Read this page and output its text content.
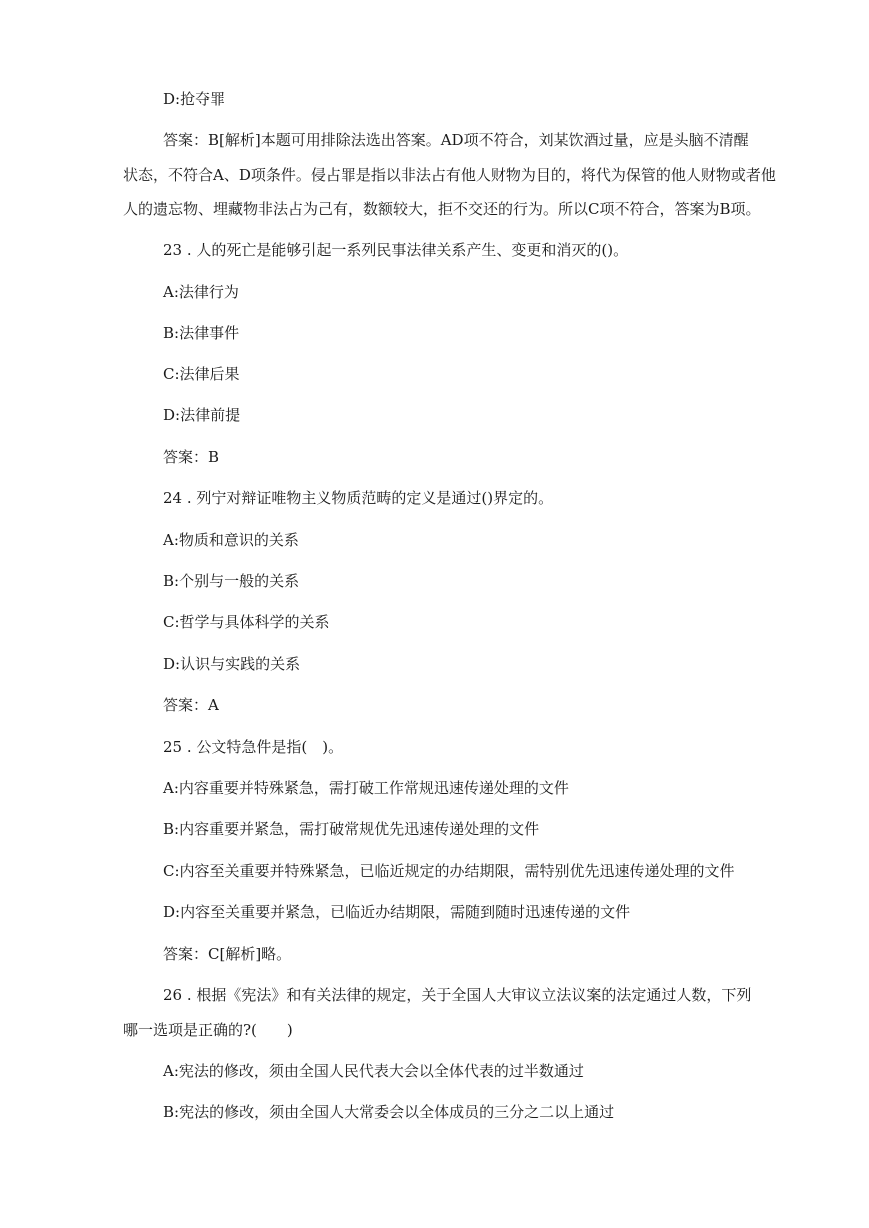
D:抢夺罪
答案：B[解析]本题可用排除法选出答案。AD项不符合，刘某饮酒过量，应是头脑不清醒
状态，不符合A、D项条件。侵占罪是指以非法占有他人财物为目的，将代为保管的他人财物或者他
人的遗忘物、埋藏物非法占为己有，数额较大，拒不交还的行为。所以C项不符合，答案为B项。
23 . 人的死亡是能够引起一系列民事法律关系产生、变更和消灭的()。
A:法律行为
B:法律事件
C:法律后果
D:法律前提
答案：B
24 . 列宁对辩证唯物主义物质范畴的定义是通过()界定的。
A:物质和意识的关系
B:个别与一般的关系
C:哲学与具体科学的关系
D:认识与实践的关系
答案：A
25 . 公文特急件是指(　)。
A:内容重要并特殊紧急，需打破工作常规迅速传递处理的文件
B:内容重要并紧急，需打破常规优先迅速传递处理的文件
C:内容至关重要并特殊紧急，已临近规定的办结期限，需特别优先迅速传递处理的文件
D:内容至关重要并紧急，已临近办结期限，需随到随时迅速传递的文件
答案：C[解析]略。
26 . 根据《宪法》和有关法律的规定，关于全国人大审议立法议案的法定通过人数，下列
哪一选项是正确的?(　　)
A:宪法的修改，须由全国人民代表大会以全体代表的过半数通过
B:宪法的修改，须由全国人大常委会以全体成员的三分之二以上通过
